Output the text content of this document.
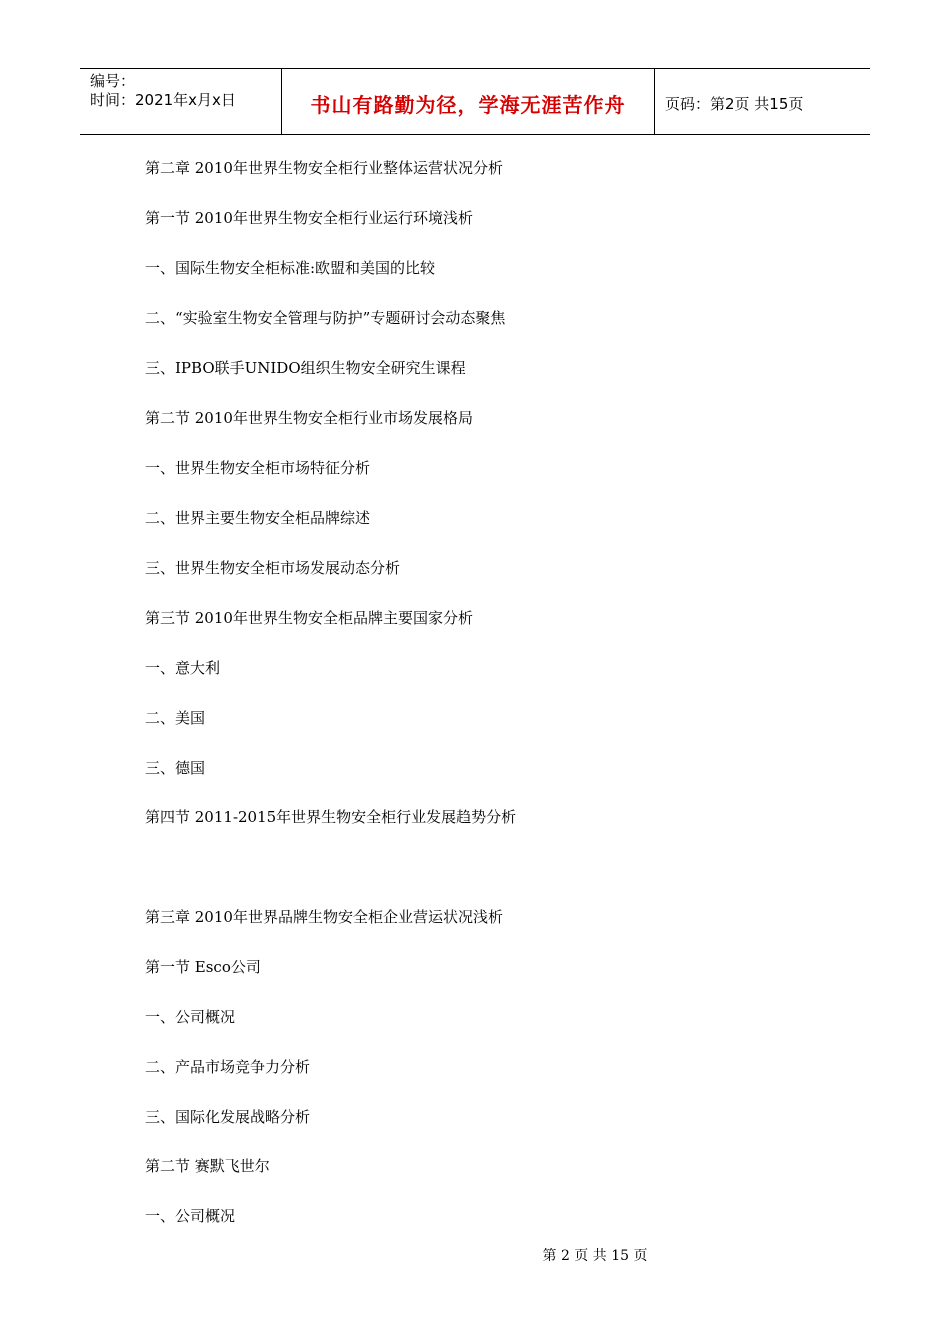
编号：
时间：2021年x月x日	书山有路勤为径，学海无涯苦作舟	页码：第2页 共15页
第二章 2010年世界生物安全柜行业整体运营状况分析
第一节 2010年世界生物安全柜行业运行环境浅析
一、国际生物安全柜标准:欧盟和美国的比较
二、“实验室生物安全管理与防护”专题研讨会动态聚焦
三、IPBO联手UNIDO组织生物安全研究生课程
第二节 2010年世界生物安全柜行业市场发展格局
一、世界生物安全柜市场特征分析
二、世界主要生物安全柜品牌综述
三、世界生物安全柜市场发展动态分析
第三节 2010年世界生物安全柜品牌主要国家分析
一、意大利
二、美国
三、德国
第四节 2011-2015年世界生物安全柜行业发展趋势分析
第三章 2010年世界品牌生物安全柜企业营运状况浅析
第一节 Esco公司
一、公司概况
二、产品市场竞争力分析
三、国际化发展战略分析
第二节 赛默飞世尔
一、公司概况
第 2 页 共 15 页
